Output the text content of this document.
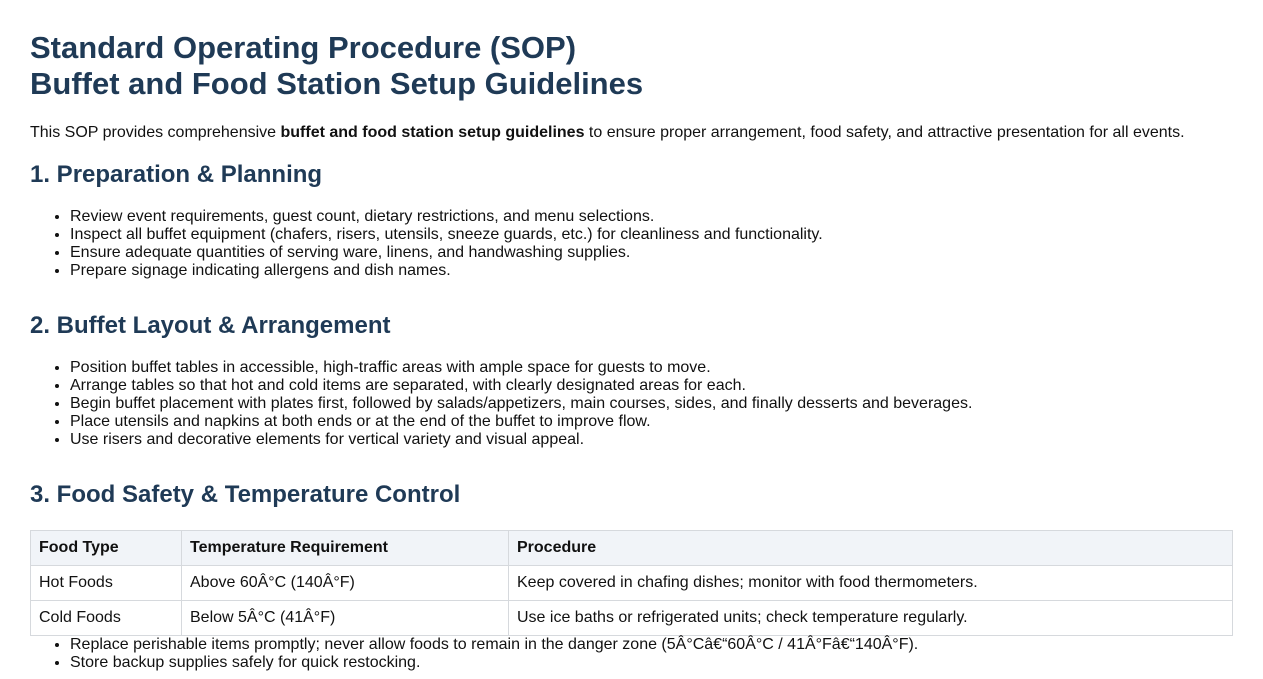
Standard Operating Procedure (SOP)
Buffet and Food Station Setup Guidelines

This SOP provides comprehensive buffet and food station setup guidelines to ensure proper arrangement, food safety, and attractive presentation for all events.

1. Preparation & Planning
• Review event requirements, guest count, dietary restrictions, and menu selections.
• Inspect all buffet equipment (chafers, risers, utensils, sneeze guards, etc.) for cleanliness and functionality.
• Ensure adequate quantities of serving ware, linens, and handwashing supplies.
• Prepare signage indicating allergens and dish names.
2. Buffet Layout & Arrangement
• Position buffet tables in accessible, high-traffic areas with ample space for guests to move.
• Arrange tables so that hot and cold items are separated, with clearly designated areas for each.
• Begin buffet placement with plates first, followed by salads/appetizers, main courses, sides, and finally desserts and beverages.
• Place utensils and napkins at both ends or at the end of the buffet to improve flow.
• Use risers and decorative elements for vertical variety and visual appeal.
3. Food Safety & Temperature Control
Food Type	Temperature Requirement	Procedure
Hot Foods	Above 60Â°C (140Â°F)	Keep covered in chafing dishes; monitor with food thermometers.
Cold Foods	Below 5Â°C (41Â°F)	Use ice baths or refrigerated units; check temperature regularly.
• Replace perishable items promptly; never allow foods to remain in the danger zone (5Â°Câ€“60Â°C / 41Â°Fâ€“140Â°F).
• Store backup supplies safely for quick restocking.
